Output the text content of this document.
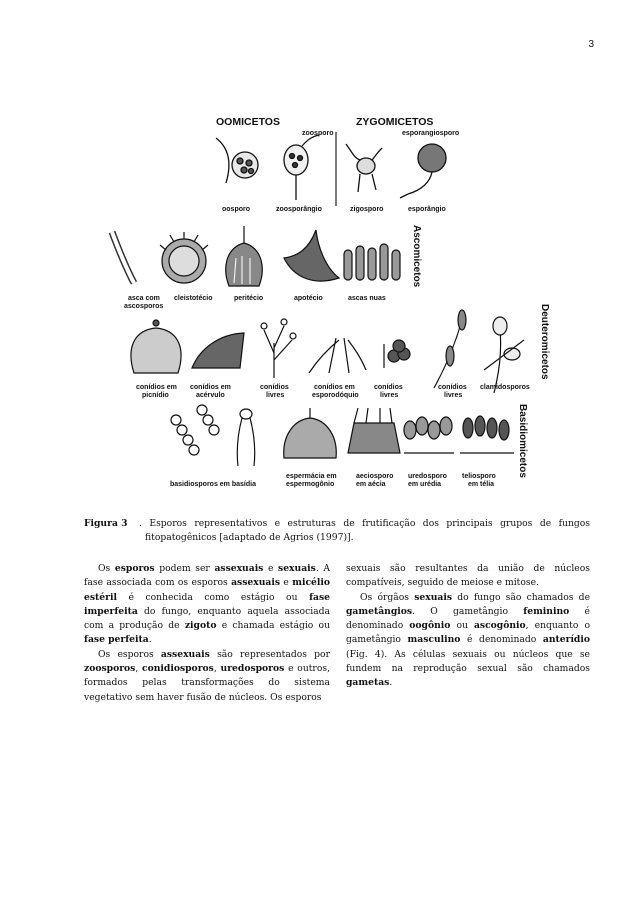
3
OOMICETOS	ZYGOMICETOS
zoosporo	esporangiosporo
oosporo	zoosporângio	zigosporo	esporângio
Ascomicetos
asca com
ascosporos
cleistotécio	peritécio	apotécio	ascas nuas
Deuteromicetos
conídios em
picnídio
conídios em
acérvulo
conídios
livres
conídios em
esporodóquio
conídios
livres
conídios
livres
clamidosporos
Basidiomicetos
basidiosporos em basídia
espermácia em
espermogônio
aeciosporo
em aécia
uredosporo
em urédia
teliosporo
em télia
Figura 3 . Esporos representativos e estruturas de frutificação dos principais grupos de fungos fitopatogênicos [adaptado de Agrios (1997)].

Os esporos podem ser assexuais e sexuais. A fase associada com os esporos assexuais e micélio estéril é conhecida como estágio ou fase imperfeita do fungo, enquanto aquela associada com a produção de zigoto e chamada estágio ou fase perfeita.

Os esporos assexuais são representados por zoosporos, conidiosporos, uredosporos e outros, formados pelas transformações do sistema vegetativo sem haver fusão de núcleos. Os esporos

sexuais são resultantes da união de núcleos compatíveis, seguido de meiose e mitose.

Os órgãos sexuais do fungo são chamados de gametângios. O gametângio feminino é denominado oogônio ou ascogônio, enquanto o gametângio masculino é denominado anterídio (Fig. 4). As células sexuais ou núcleos que se fundem na reprodução sexual são chamados gametas.
